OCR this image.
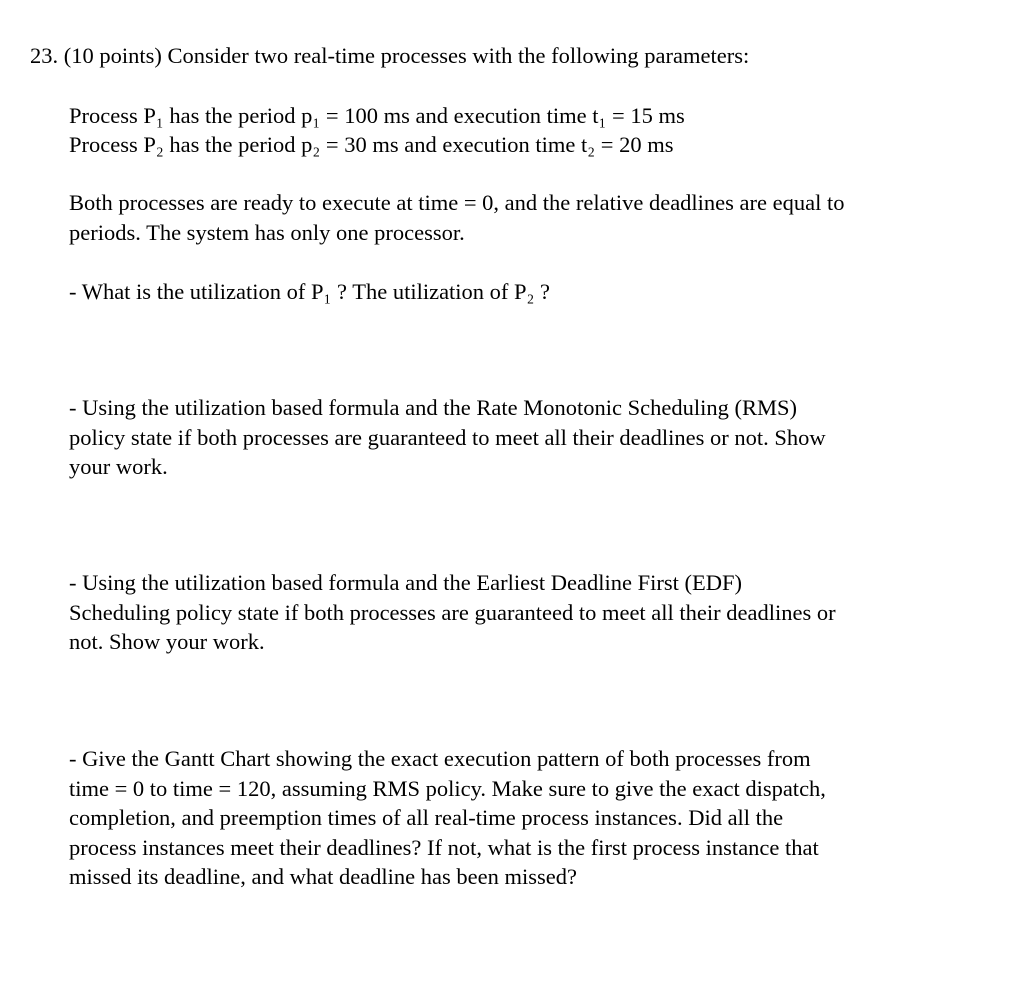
23. (10 points) Consider two real-time processes with the following parameters:
Process P₁ has the period p₁ = 100 ms and execution time t₁ = 15 ms
Process P₂ has the period p₂ = 30 ms and execution time t₂ = 20 ms
Both processes are ready to execute at time = 0, and the relative deadlines are equal to
periods. The system has only one processor.
- What is the utilization of P₁ ? The utilization of P₂ ?
- Using the utilization based formula and the Rate Monotonic Scheduling (RMS)
policy state if both processes are guaranteed to meet all their deadlines or not. Show
your work.
- Using the utilization based formula and the Earliest Deadline First (EDF)
Scheduling policy state if both processes are guaranteed to meet all their deadlines or
not. Show your work.
- Give the Gantt Chart showing the exact execution pattern of both processes from
time = 0 to time = 120, assuming RMS policy. Make sure to give the exact dispatch,
completion, and preemption times of all real-time process instances. Did all the
process instances meet their deadlines? If not, what is the first process instance that
missed its deadline, and what deadline has been missed?
